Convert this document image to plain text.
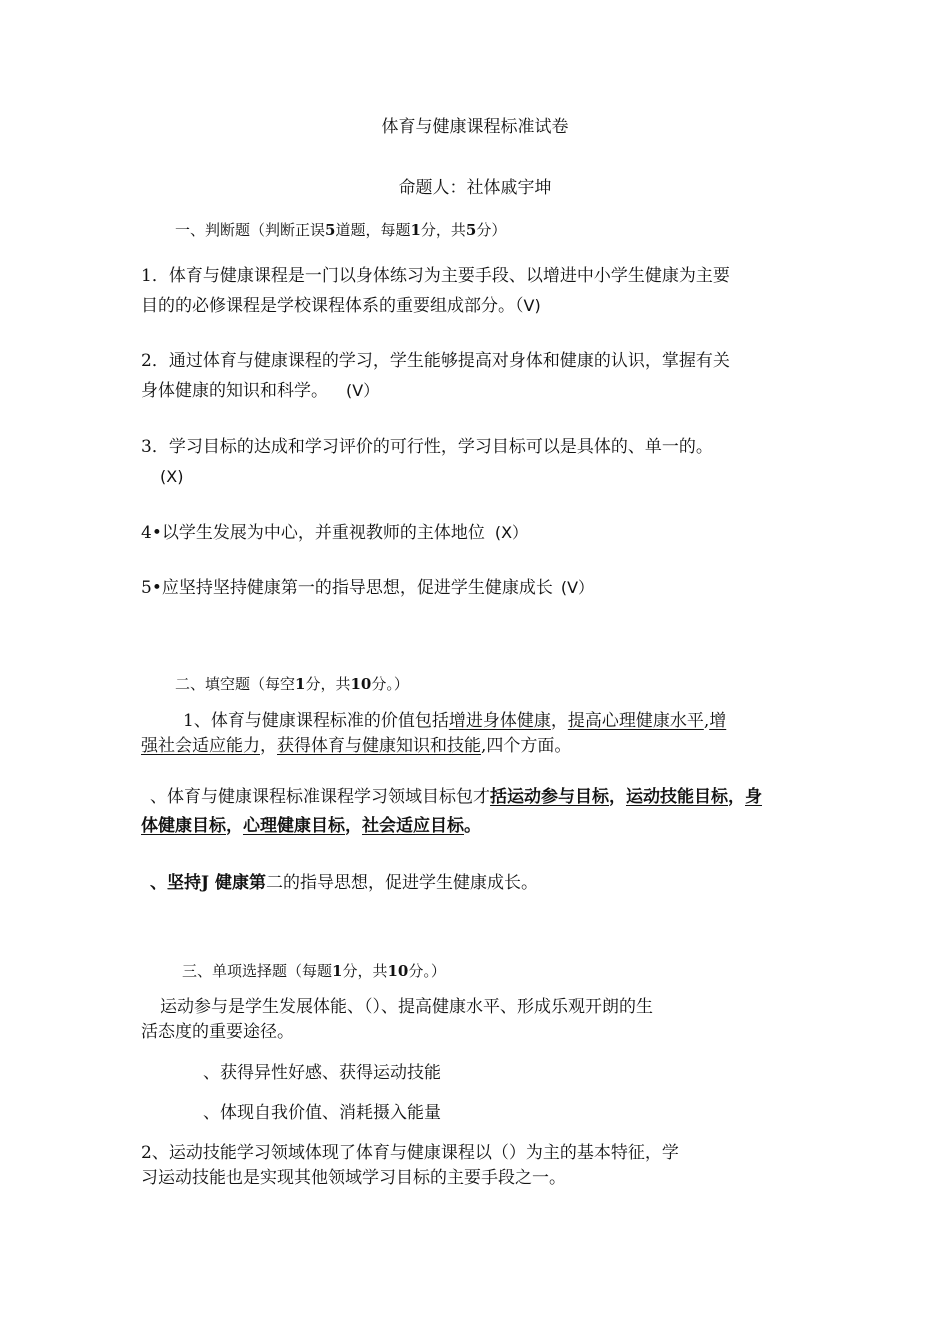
体育与健康课程标准试卷
命题人：社体戚宇坤
一、判断题（判断正误5道题，每题1分，共5分）
1．体育与健康课程是一门以身体练习为主要手段、以增进中小学生健康为主要
目的的必修课程是学校课程体系的重要组成部分。（V)
2．通过体育与健康课程的学习，学生能够提高对身体和健康的认识，掌握有关
身体健康的知识和科学。 (V）
3．学习目标的达成和学习评价的可行性，学习目标可以是具体的、单一的。
(X)
4•以学生发展为中心，并重视教师的主体地位 (X）
5•应坚持坚持健康第一的指导思想，促进学生健康成长 (V）
二、填空题（每空1分，共10分。）
1、体育与健康课程标准的价值包括增进身体健康，提高心理健康水平,增
强社会适应能力，获得体育与健康知识和技能,四个方面。
、体育与健康课程标准课程学习领域目标包才括运动参与目标，运动技能目标，身
体健康目标，心理健康目标，社会适应目标。
、坚持J 健康第二的指导思想，促进学生健康成长。
三、单项选择题（每题1分，共10分。）
运动参与是学生发展体能、（）、提高健康水平、形成乐观开朗的生
活态度的重要途径。
、获得异性好感、获得运动技能
、体现自我价值、消耗摄入能量
2、运动技能学习领域体现了体育与健康课程以（）为主的基本特征，学
习运动技能也是实现其他领域学习目标的主要手段之一。
